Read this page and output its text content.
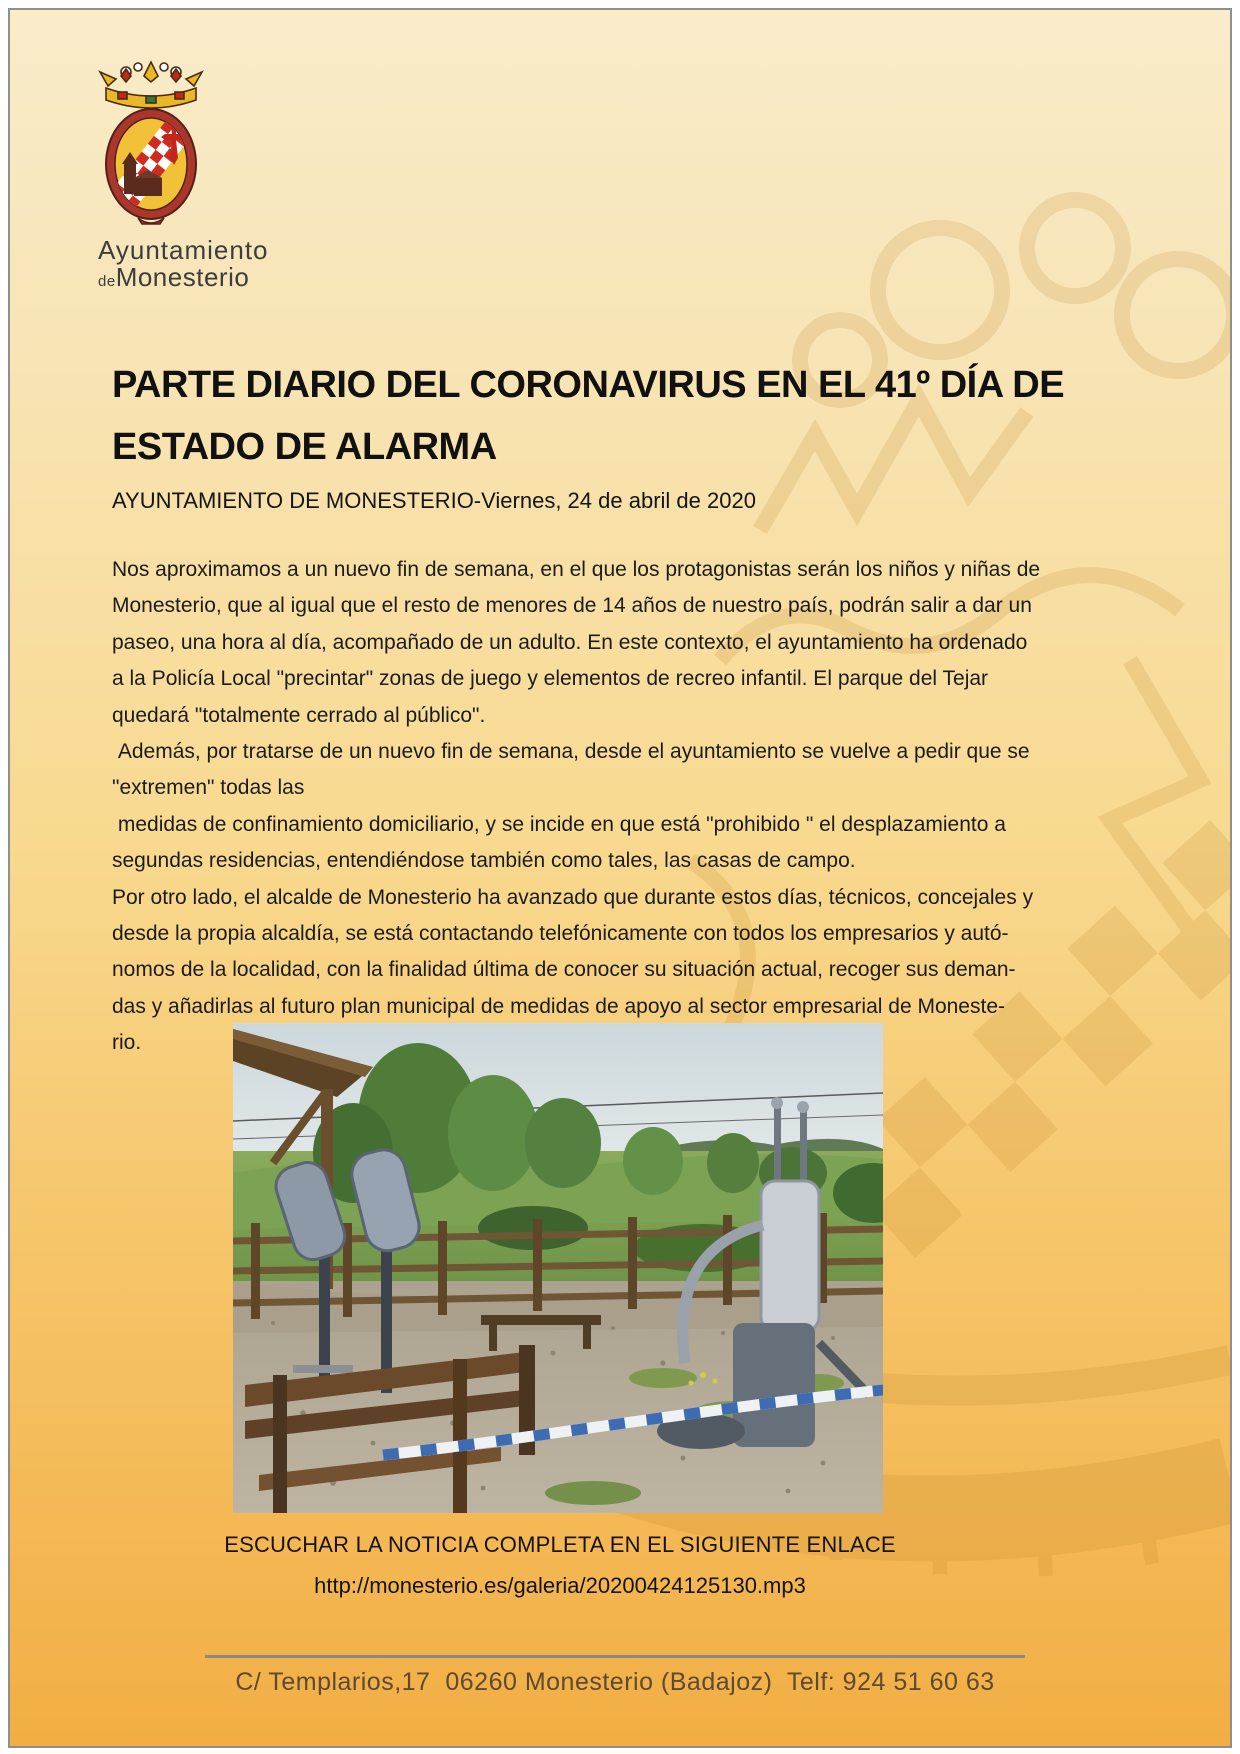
Ayuntamiento
deMonesterio
PARTE DIARIO DEL CORONAVIRUS EN EL 41º DÍA DE
ESTADO DE ALARMA
AYUNTAMIENTO DE MONESTERIO-Viernes, 24 de abril de 2020
Nos aproximamos a un nuevo fin de semana, en el que los protagonistas serán los niños y niñas de
Monesterio, que al igual que el resto de menores de 14 años de nuestro país, podrán salir a dar un
paseo, una hora al día, acompañado de un adulto. En este contexto, el ayuntamiento ha ordenado
a la Policía Local "precintar" zonas de juego y elementos de recreo infantil. El parque del Tejar
quedará "totalmente cerrado al público".
Además, por tratarse de un nuevo fin de semana, desde el ayuntamiento se vuelve a pedir que se
"extremen" todas las
medidas de confinamiento domiciliario, y se incide en que está "prohibido " el desplazamiento a
segundas residencias, entendiéndose también como tales, las casas de campo.
Por otro lado, el alcalde de Monesterio ha avanzado que durante estos días, técnicos, concejales y
desde la propia alcaldía, se está contactando telefónicamente con todos los empresarios y autó-
nomos de la localidad, con la finalidad última de conocer su situación actual, recoger sus deman-
das y añadirlas al futuro plan municipal de medidas de apoyo al sector empresarial de Moneste-
rio.
ESCUCHAR LA NOTICIA COMPLETA EN EL SIGUIENTE ENLACE
http://monesterio.es/galeria/20200424125130.mp3
C/ Templarios,17  06260 Monesterio (Badajoz)  Telf: 924 51 60 63
